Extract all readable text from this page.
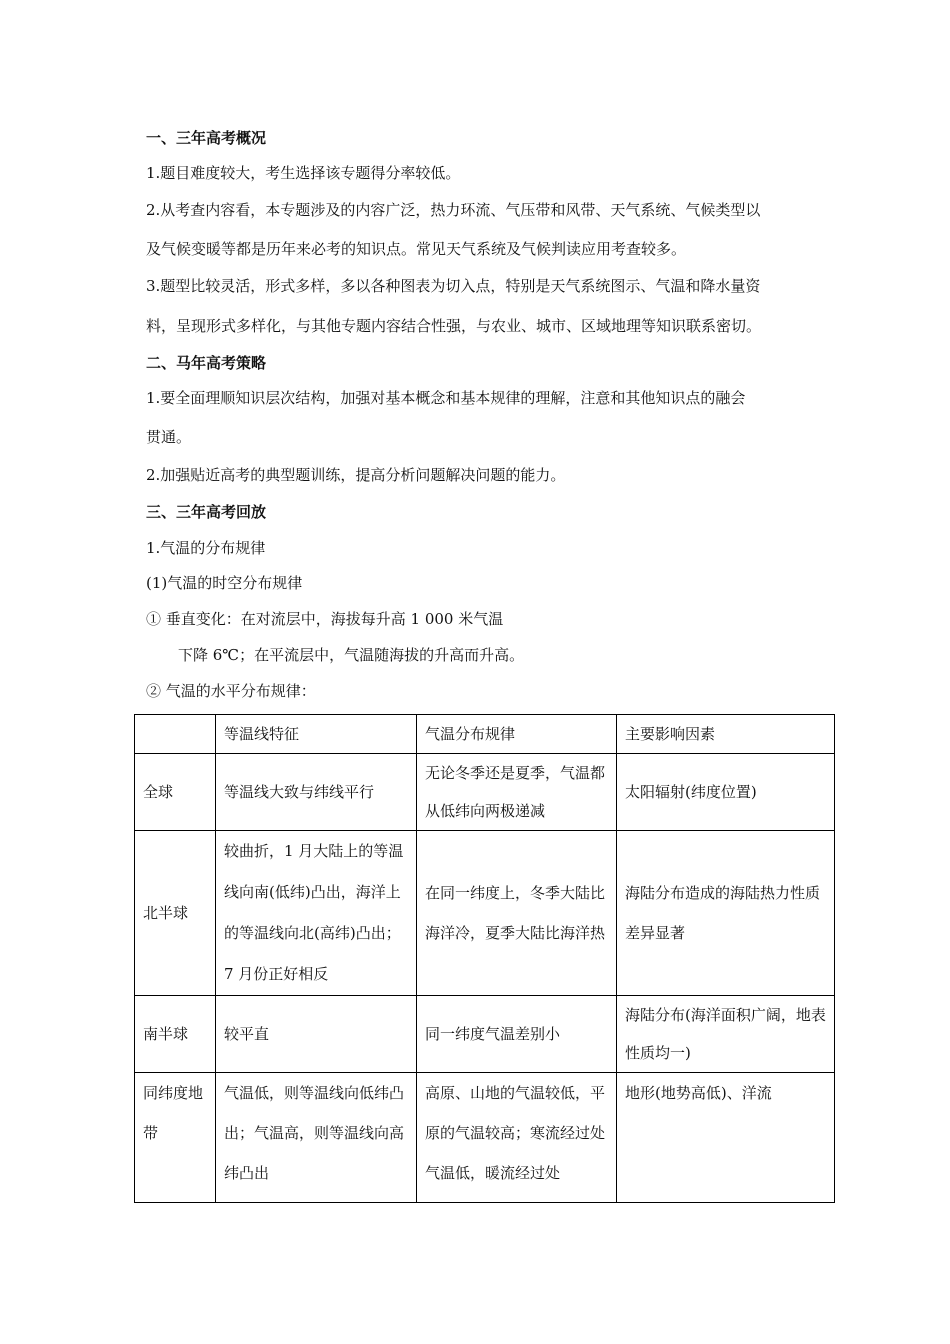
一、三年高考概况
1.题目难度较大，考生选择该专题得分率较低。
2.从考查内容看，本专题涉及的内容广泛，热力环流、气压带和风带、天气系统、气候类型以
及气候变暖等都是历年来必考的知识点。常见天气系统及气候判读应用考查较多。
3.题型比较灵活，形式多样，多以各种图表为切入点，特别是天气系统图示、气温和降水量资
料，呈现形式多样化，与其他专题内容结合性强，与农业、城市、区域地理等知识联系密切。
二、马年高考策略
1.要全面理顺知识层次结构，加强对基本概念和基本规律的理解，注意和其他知识点的融会
贯通。
2.加强贴近高考的典型题训练，提高分析问题解决问题的能力。
三、三年高考回放
1.气温的分布规律
(1)气温的时空分布规律
① 垂直变化：在对流层中，海拔每升高 1 000 米气温
下降 6℃；在平流层中，气温随海拔的升高而升高。
② 气温的水平分布规律：
	等温线特征	气温分布规律	主要影响因素
全球	等温线大致与纬线平行	无论冬季还是夏季，气温都从低纬向两极递减	太阳辐射(纬度位置)
北半球	较曲折，1 月大陆上的等温线向南(低纬)凸出，海洋上的等温线向北(高纬)凸出；7 月份正好相反	在同一纬度上，冬季大陆比海洋冷，夏季大陆比海洋热	海陆分布造成的海陆热力性质差异显著
南半球	较平直	同一纬度气温差别小	海陆分布(海洋面积广阔，地表性质均一)
同纬度地带	气温低，则等温线向低纬凸出；气温高，则等温线向高纬凸出	高原、山地的气温较低，平原的气温较高；寒流经过处气温低，暖流经过处	地形(地势高低)、洋流
